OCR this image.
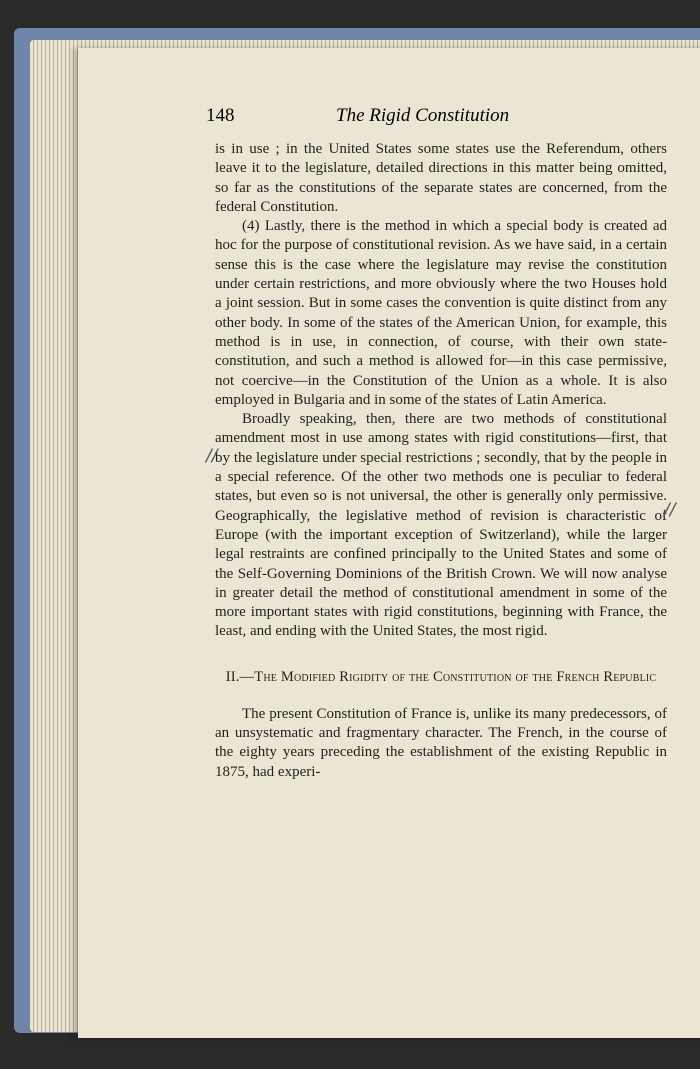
148	The Rigid Constitution

is in use ; in the United States some states use the Referendum, others leave it to the legislature, detailed directions in this matter being omitted, so far as the constitutions of the separate states are concerned, from the federal Constitution.

(4) Lastly, there is the method in which a special body is created ad hoc for the purpose of constitutional revision. As we have said, in a certain sense this is the case where the legislature may revise the constitution under certain restrictions, and more obviously where the two Houses hold a joint session. But in some cases the convention is quite distinct from any other body. In some of the states of the American Union, for example, this method is in use, in connection, of course, with their own state-constitution, and such a method is allowed for—in this case permissive, not coercive—in the Constitution of the Union as a whole. It is also employed in Bulgaria and in some of the states of Latin America.

Broadly speaking, then, there are two methods of constitutional amendment most in use among states with rigid constitutions—first, that by the legislature under special restrictions ; secondly, that by the people in a special reference. Of the other two methods one is peculiar to federal states, but even so is not universal, the other is generally only permissive. Geographically, the legislative method of revision is characteristic of Europe (with the important exception of Switzerland), while the larger legal restraints are confined principally to the United States and some of the Self-Governing Dominions of the British Crown. We will now analyse in greater detail the method of constitutional amendment in some of the more important states with rigid constitutions, beginning with France, the least, and ending with the United States, the most rigid.

II.—The Modified Rigidity of the Constitution of the French Republic

The present Constitution of France is, unlike its many predecessors, of an unsystematic and fragmentary character. The French, in the course of the eighty years preceding the establishment of the existing Republic in 1875, had experi-

//
//
